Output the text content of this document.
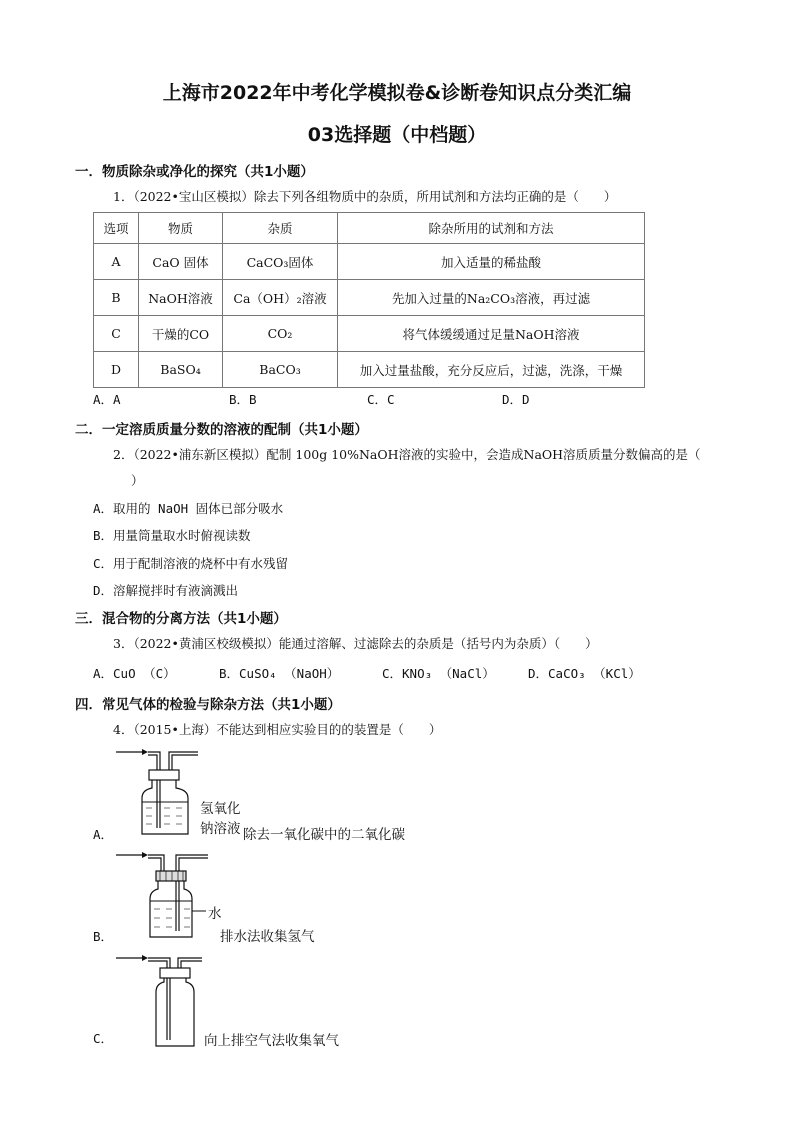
上海市2022年中考化学模拟卷&诊断卷知识点分类汇编
03选择题（中档题）
一．物质除杂或净化的探究（共1小题）
1．（2022•宝山区模拟）除去下列各组物质中的杂质，所用试剂和方法均正确的是（　　）
选项	物质	杂质	除杂所用的试剂和方法
A	CaO 固体	CaCO₃固体	加入适量的稀盐酸
B	NaOH溶液	Ca（OH）₂溶液	先加入过量的Na₂CO₃溶液，再过滤
C	干燥的CO	CO₂	将气体缓缓通过足量NaOH溶液
D	BaSO₄	BaCO₃	加入过量盐酸，充分反应后，过滤，洗涤，干燥
A．A	B．B	C．C	D．D
二．一定溶质质量分数的溶液的配制（共1小题）
2．（2022•浦东新区模拟）配制 100g 10%NaOH溶液的实验中，会造成NaOH溶质质量分数偏高的是（
）
A．取用的 NaOH 固体已部分吸水
B．用量筒量取水时俯视读数
C．用于配制溶液的烧杯中有水残留
D．溶解搅拌时有液滴溅出
三．混合物的分离方法（共1小题）
3．（2022•黄浦区校级模拟）能通过溶解、过滤除去的杂质是（括号内为杂质）（　　）
A．CuO （C）	B．CuSO₄ （NaOH）	C．KNO₃ （NaCl）	D．CaCO₃ （KCl）
四．常见气体的检验与除杂方法（共1小题）
4．（2015•上海）不能达到相应实验目的的装置是（　　）
A．
氢氧化
钠溶液 除去一氧化碳中的二氧化碳
B．
水
排水法收集氢气
C．	向上排空气法收集氧气
